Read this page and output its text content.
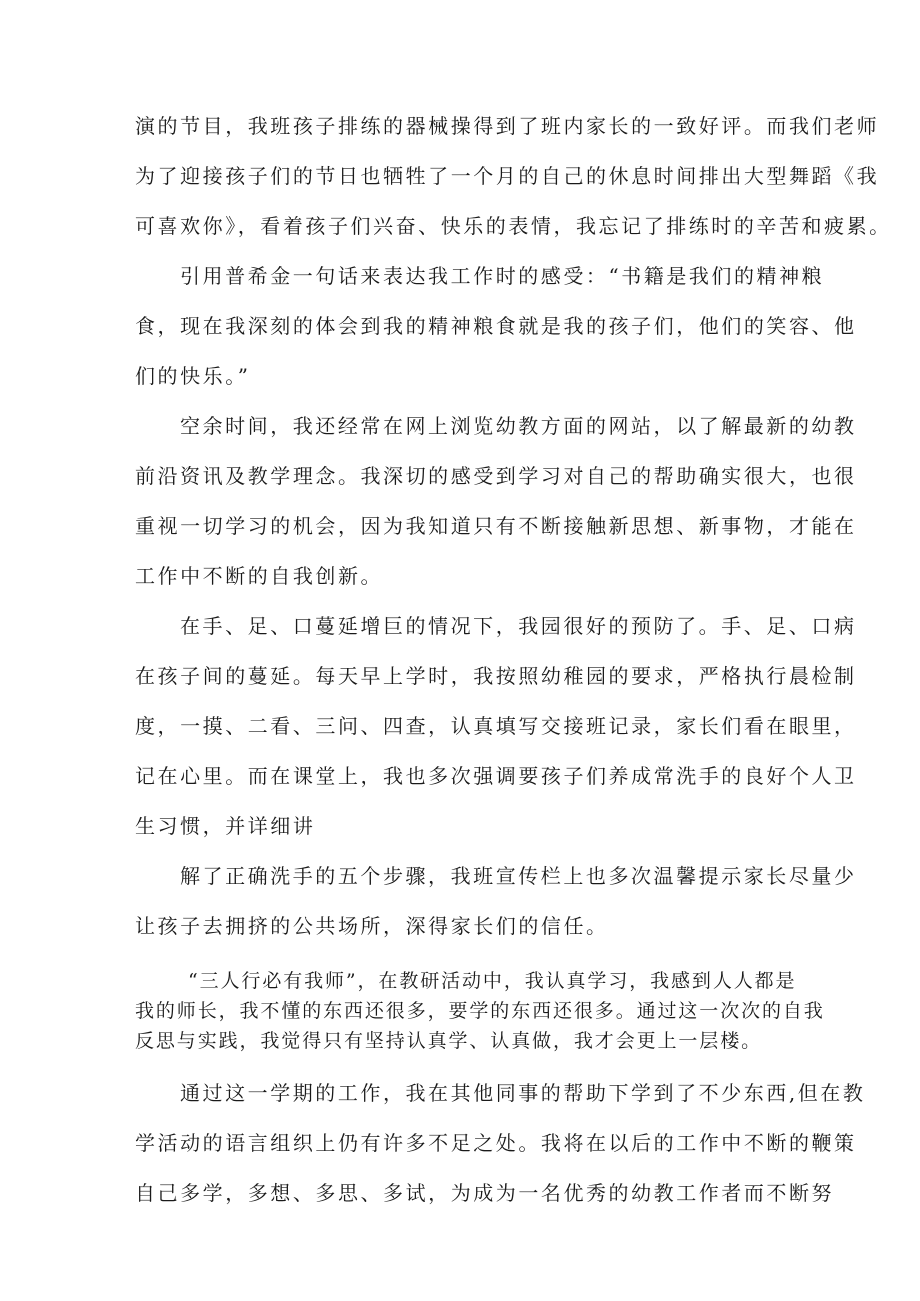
演的节目，我班孩子排练的器械操得到了班内家长的一致好评。而我们老师

为了迎接孩子们的节日也牺牲了一个月的自己的休息时间排出大型舞蹈《我

可喜欢你》，看着孩子们兴奋、快乐的表情，我忘记了排练时的辛苦和疲累。

引用普希金一句话来表达我工作时的感受：“书籍是我们的精神粮

食，现在我深刻的体会到我的精神粮食就是我的孩子们，他们的笑容、他

们的快乐。”

空余时间，我还经常在网上浏览幼教方面的网站，以了解最新的幼教

前沿资讯及教学理念。我深切的感受到学习对自己的帮助确实很大，也很

重视一切学习的机会，因为我知道只有不断接触新思想、新事物，才能在

工作中不断的自我创新。

在手、足、口蔓延增巨的情况下，我园很好的预防了。手、足、口病

在孩子间的蔓延。每天早上学时，我按照幼稚园的要求，严格执行晨检制

度，一摸、二看、三问、四查，认真填写交接班记录，家长们看在眼里，

记在心里。而在课堂上，我也多次强调要孩子们养成常洗手的良好个人卫

生习惯，并详细讲

解了正确洗手的五个步骤，我班宣传栏上也多次温馨提示家长尽量少

让孩子去拥挤的公共场所，深得家长们的信任。

“三人行必有我师”，在教研活动中，我认真学习，我感到人人都是

我的师长，我不懂的东西还很多，要学的东西还很多。通过这一次次的自我

反思与实践，我觉得只有坚持认真学、认真做，我才会更上一层楼。

通过这一学期的工作，我在其他同事的帮助下学到了不少东西,但在教

学活动的语言组织上仍有许多不足之处。我将在以后的工作中不断的鞭策

自己多学，多想、多思、多试，为成为一名优秀的幼教工作者而不断努
